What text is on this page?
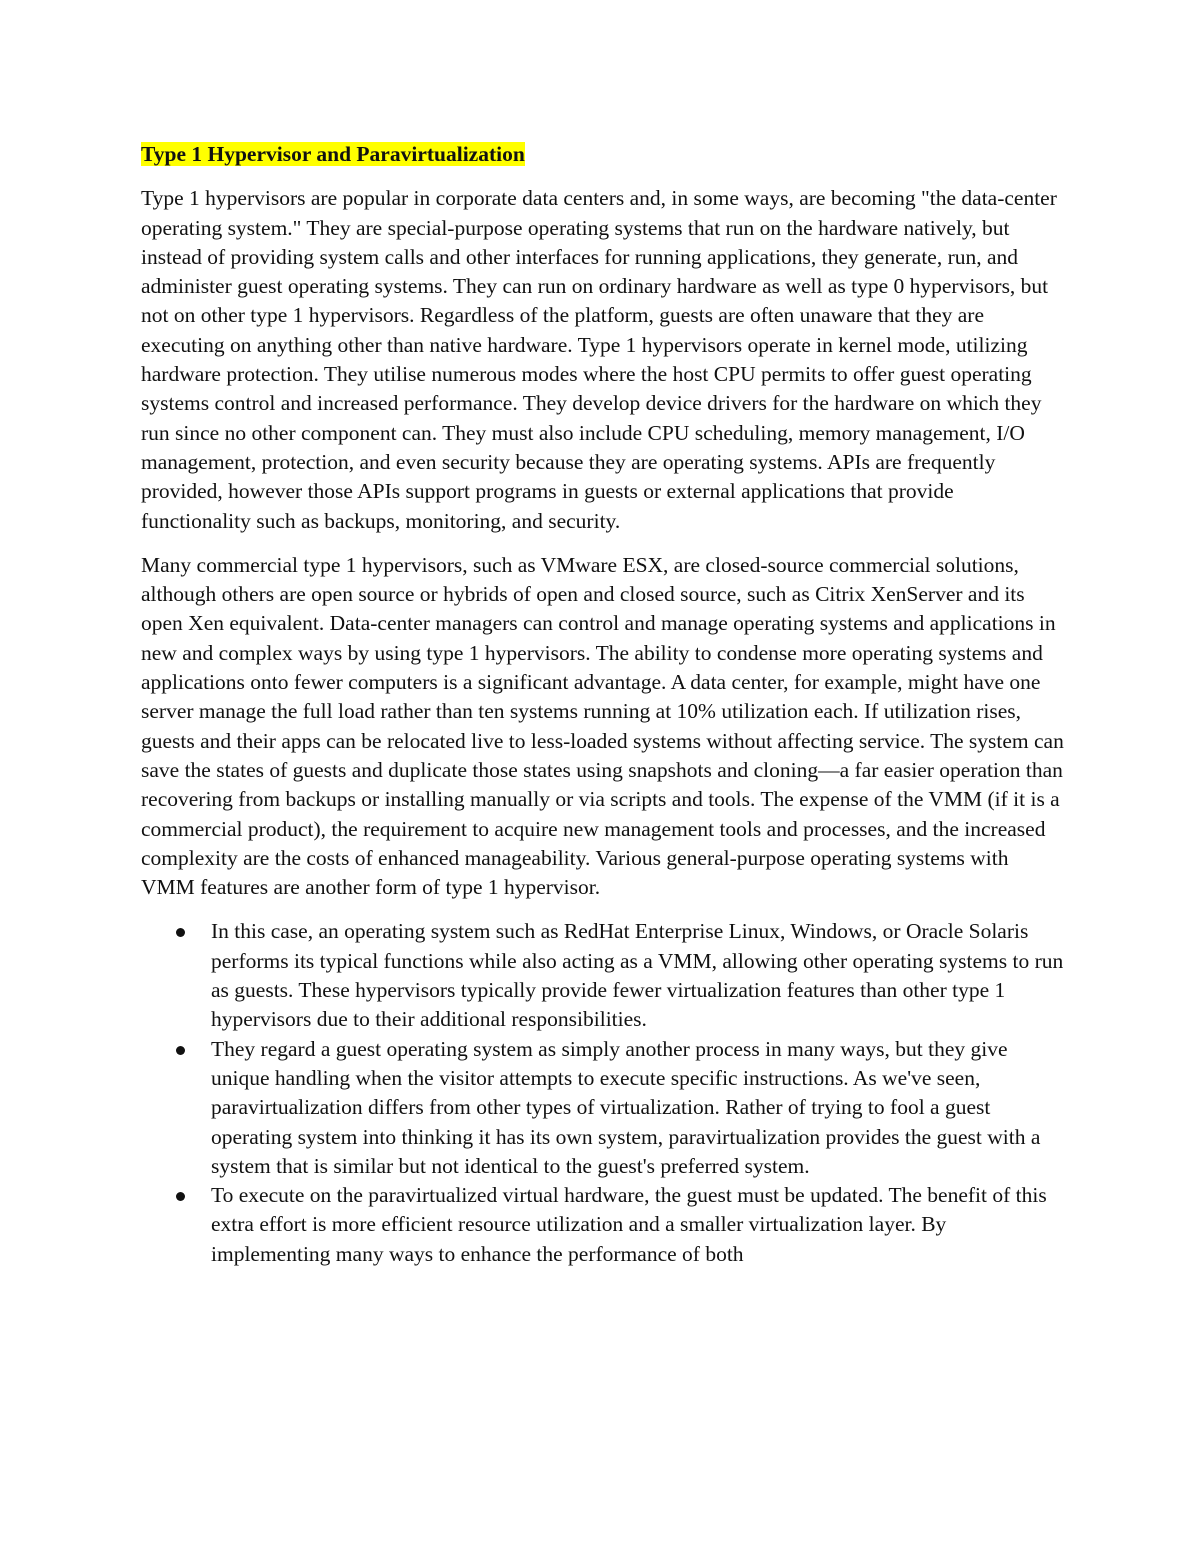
Type 1 Hypervisor and Paravirtualization

Type 1 hypervisors are popular in corporate data centers and, in some ways, are becoming "the data-center operating system." They are special-purpose operating systems that run on the hardware natively, but instead of providing system calls and other interfaces for running applications, they generate, run, and administer guest operating systems. They can run on ordinary hardware as well as type 0 hypervisors, but not on other type 1 hypervisors. Regardless of the platform, guests are often unaware that they are executing on anything other than native hardware. Type 1 hypervisors operate in kernel mode, utilizing hardware protection. They utilise numerous modes where the host CPU permits to offer guest operating systems control and increased performance. They develop device drivers for the hardware on which they run since no other component can. They must also include CPU scheduling, memory management, I/O management, protection, and even security because they are operating systems. APIs are frequently provided, however those APIs support programs in guests or external applications that provide functionality such as backups, monitoring, and security.

Many commercial type 1 hypervisors, such as VMware ESX, are closed-source commercial solutions, although others are open source or hybrids of open and closed source, such as Citrix XenServer and its open Xen equivalent. Data-center managers can control and manage operating systems and applications in new and complex ways by using type 1 hypervisors. The ability to condense more operating systems and applications onto fewer computers is a significant advantage. A data center, for example, might have one server manage the full load rather than ten systems running at 10% utilization each. If utilization rises, guests and their apps can be relocated live to less-loaded systems without affecting service. The system can save the states of guests and duplicate those states using snapshots and cloning—a far easier operation than recovering from backups or installing manually or via scripts and tools. The expense of the VMM (if it is a commercial product), the requirement to acquire new management tools and processes, and the increased complexity are the costs of enhanced manageability. Various general-purpose operating systems with VMM features are another form of type 1 hypervisor.

In this case, an operating system such as RedHat Enterprise Linux, Windows, or Oracle Solaris performs its typical functions while also acting as a VMM, allowing other operating systems to run as guests. These hypervisors typically provide fewer virtualization features than other type 1 hypervisors due to their additional responsibilities.
They regard a guest operating system as simply another process in many ways, but they give unique handling when the visitor attempts to execute specific instructions. As we've seen, paravirtualization differs from other types of virtualization. Rather of trying to fool a guest operating system into thinking it has its own system, paravirtualization provides the guest with a system that is similar but not identical to the guest's preferred system.
To execute on the paravirtualized virtual hardware, the guest must be updated. The benefit of this extra effort is more efficient resource utilization and a smaller virtualization layer. By implementing many ways to enhance the performance of both
